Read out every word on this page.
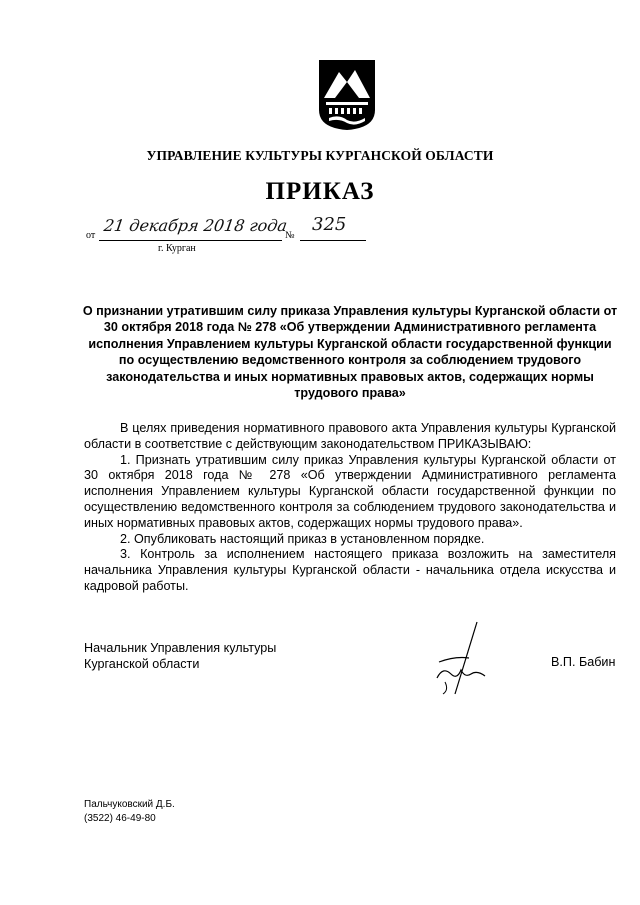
УПРАВЛЕНИЕ КУЛЬТУРЫ КУРГАНСКОЙ ОБЛАСТИ
ПРИКАЗ
от
21 декабря 2018 года
№
325
г. Курган
О признании утратившим силу приказа Управления культуры Курганской области от 30 октября 2018 года № 278 «Об утверждении Административного регламента исполнения Управлением культуры Курганской области государственной функции по осуществлению ведомственного контроля за соблюдением трудового законодательства и иных нормативных правовых актов, содержащих нормы трудового права»

В целях приведения нормативного правового акта Управления культуры Курганской области в соответствие с действующим законодательством ПРИКАЗЫВАЮ:

1. Признать утратившим силу приказ Управления культуры Курганской области от 30 октября 2018 года № 278 «Об утверждении Административного регламента исполнения Управлением культуры Курганской области государственной функции по осуществлению ведомственного контроля за соблюдением трудового законодательства и иных нормативных правовых актов, содержащих нормы трудового права».

2. Опубликовать настоящий приказ в установленном порядке.

3. Контроль за исполнением настоящего приказа возложить на заместителя начальника Управления культуры Курганской области - начальника отдела искусства и кадровой работы.

Начальник Управления культуры
Курганской области	В.П. Бабин
Пальчуковский Д.Б.
(3522) 46-49-80
